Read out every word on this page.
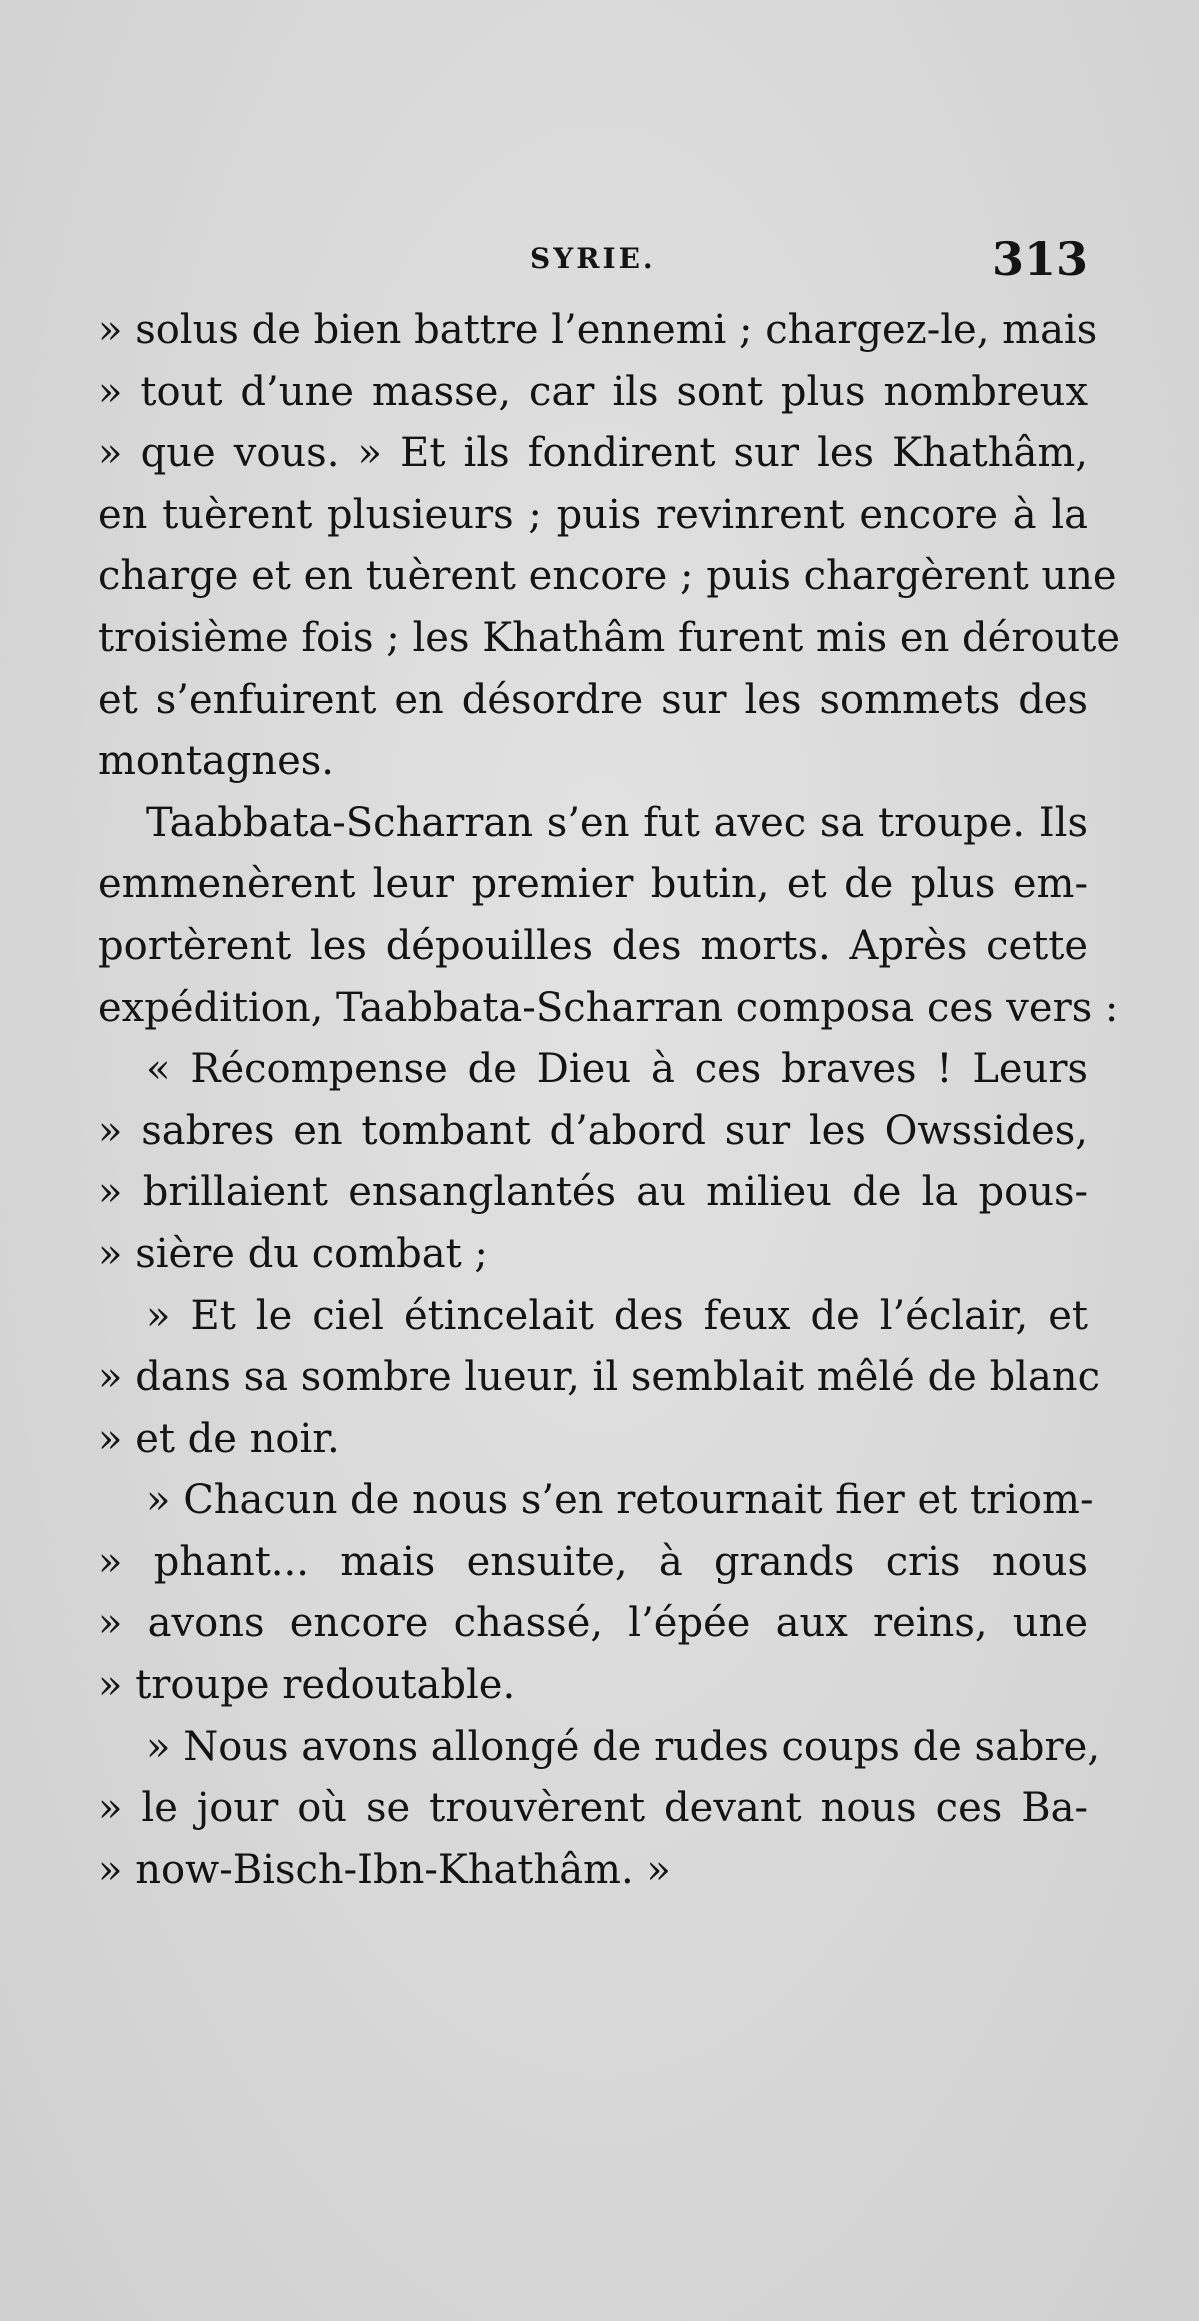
SYRIE.	313
» solus de bien battre l’ennemi ; chargez-le, mais
» tout d’une masse, car ils sont plus nombreux
» que vous. » Et ils fondirent sur les Khathâm,
en tuèrent plusieurs ; puis revinrent encore à la
charge et en tuèrent encore ; puis chargèrent une
troisième fois ; les Khathâm furent mis en déroute
et s’enfuirent en désordre sur les sommets des
montagnes.
Taabbata-Scharran s’en fut avec sa troupe. Ils
emmenèrent leur premier butin, et de plus em-
portèrent les dépouilles des morts. Après cette
expédition, Taabbata-Scharran composa ces vers :
« Récompense de Dieu à ces braves ! Leurs
» sabres en tombant d’abord sur les Owssides,
» brillaient ensanglantés au milieu de la pous-
» sière du combat ;
» Et le ciel étincelait des feux de l’éclair, et
» dans sa sombre lueur, il semblait mêlé de blanc
» et de noir.
» Chacun de nous s’en retournait fier et triom-
» phant... mais ensuite, à grands cris nous
» avons encore chassé, l’épée aux reins, une
» troupe redoutable.
» Nous avons allongé de rudes coups de sabre,
» le jour où se trouvèrent devant nous ces Ba-
» now-Bisch-Ibn-Khathâm. »
